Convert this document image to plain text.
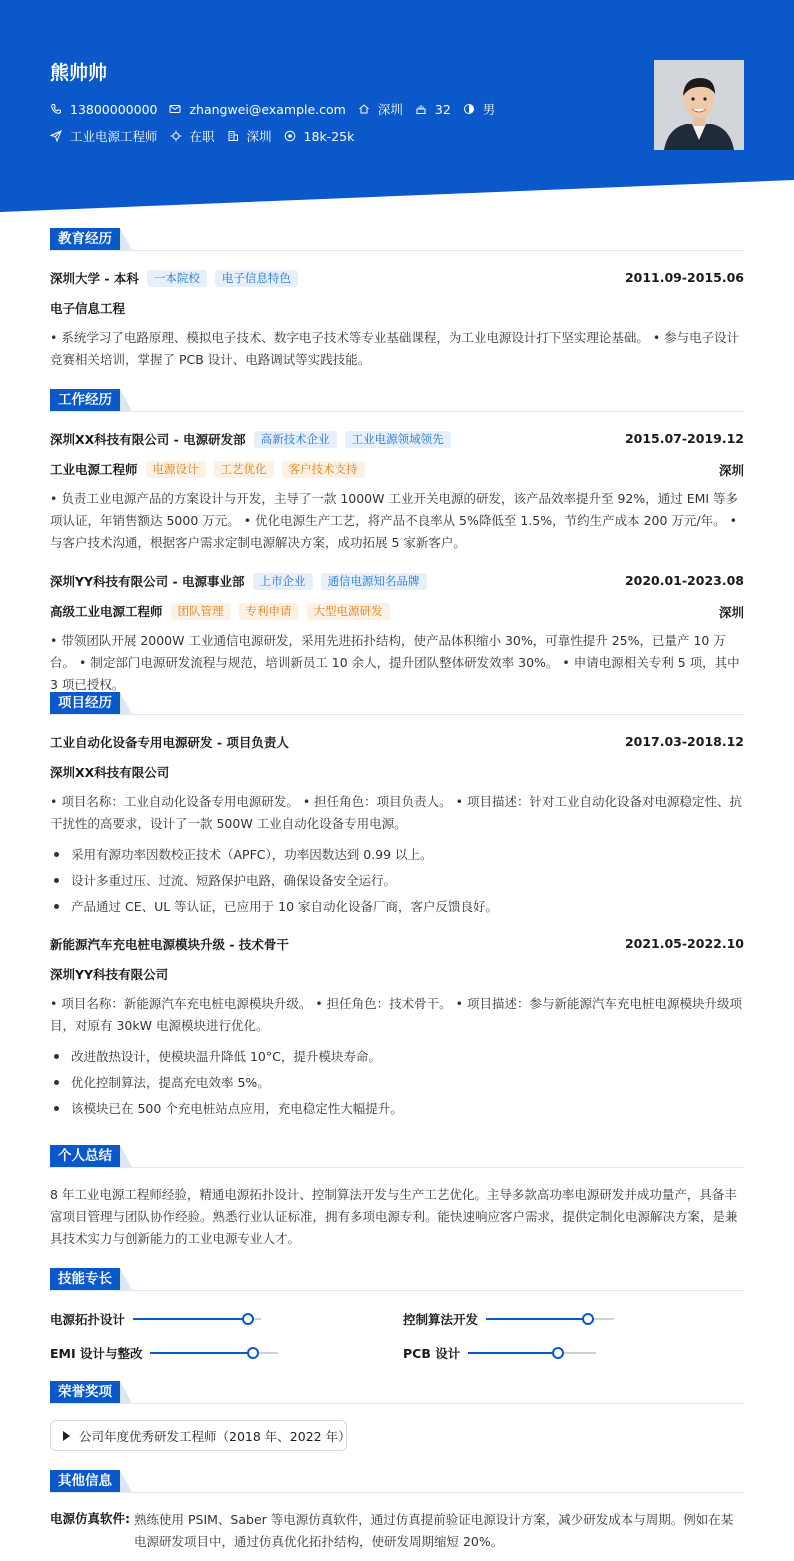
熊帅帅
13800000000	zhangwei@example.com	深圳	32	男
工业电源工程师	在职	深圳	18k-25k
教育经历
深圳大学 - 本科	一本院校	电子信息特色	2011.09-2015.06
电子信息工程
• 系统学习了电路原理、模拟电子技术、数字电子技术等专业基础课程，为工业电源设计打下坚实理论基础。 • 参与电子设计竞赛相关培训，掌握了 PCB 设计、电路调试等实践技能。
工作经历
深圳XX科技有限公司 - 电源研发部	高新技术企业	工业电源领域领先	2015.07-2019.12
工业电源工程师	电源设计	工艺优化	客户技术支持	深圳
• 负责工业电源产品的方案设计与开发，主导了一款 1000W 工业开关电源的研发，该产品效率提升至 92%，通过 EMI 等多项认证，年销售额达 5000 万元。 • 优化电源生产工艺，将产品不良率从 5%降低至 1.5%，节约生产成本 200 万元/年。 • 与客户技术沟通，根据客户需求定制电源解决方案，成功拓展 5 家新客户。
深圳YY科技有限公司 - 电源事业部	上市企业	通信电源知名品牌	2020.01-2023.08
高级工业电源工程师	团队管理	专利申请	大型电源研发	深圳
• 带领团队开展 2000W 工业通信电源研发，采用先进拓扑结构，使产品体积缩小 30%，可靠性提升 25%，已量产 10 万台。 • 制定部门电源研发流程与规范，培训新员工 10 余人，提升团队整体研发效率 30%。 • 申请电源相关专利 5 项，其中 3 项已授权。
项目经历
工业自动化设备专用电源研发 - 项目负责人	2017.03-2018.12
深圳XX科技有限公司
• 项目名称：工业自动化设备专用电源研发。 • 担任角色：项目负责人。 • 项目描述：针对工业自动化设备对电源稳定性、抗干扰性的高要求，设计了一款 500W 工业自动化设备专用电源。
采用有源功率因数校正技术（APFC），功率因数达到 0.99 以上。
设计多重过压、过流、短路保护电路，确保设备安全运行。
产品通过 CE、UL 等认证，已应用于 10 家自动化设备厂商，客户反馈良好。
新能源汽车充电桩电源模块升级 - 技术骨干	2021.05-2022.10
深圳YY科技有限公司
• 项目名称：新能源汽车充电桩电源模块升级。 • 担任角色：技术骨干。 • 项目描述：参与新能源汽车充电桩电源模块升级项目，对原有 30kW 电源模块进行优化。
改进散热设计，使模块温升降低 10°C，提升模块寿命。
优化控制算法，提高充电效率 5%。
该模块已在 500 个充电桩站点应用，充电稳定性大幅提升。
个人总结
8 年工业电源工程师经验，精通电源拓扑设计、控制算法开发与生产工艺优化。主导多款高功率电源研发并成功量产，具备丰富项目管理与团队协作经验。熟悉行业认证标准，拥有多项电源专利。能快速响应客户需求，提供定制化电源解决方案，是兼具技术实力与创新能力的工业电源专业人才。
技能专长
电源拓扑设计	控制算法开发
EMI 设计与整改	PCB 设计
荣誉奖项
公司年度优秀研发工程师（2018 年、2022 年）
其他信息
电源仿真软件: 熟练使用 PSIM、Saber 等电源仿真软件，通过仿真提前验证电源设计方案，减少研发成本与周期。例如在某电源研发项目中，通过仿真优化拓扑结构，使研发周期缩短 20%。
